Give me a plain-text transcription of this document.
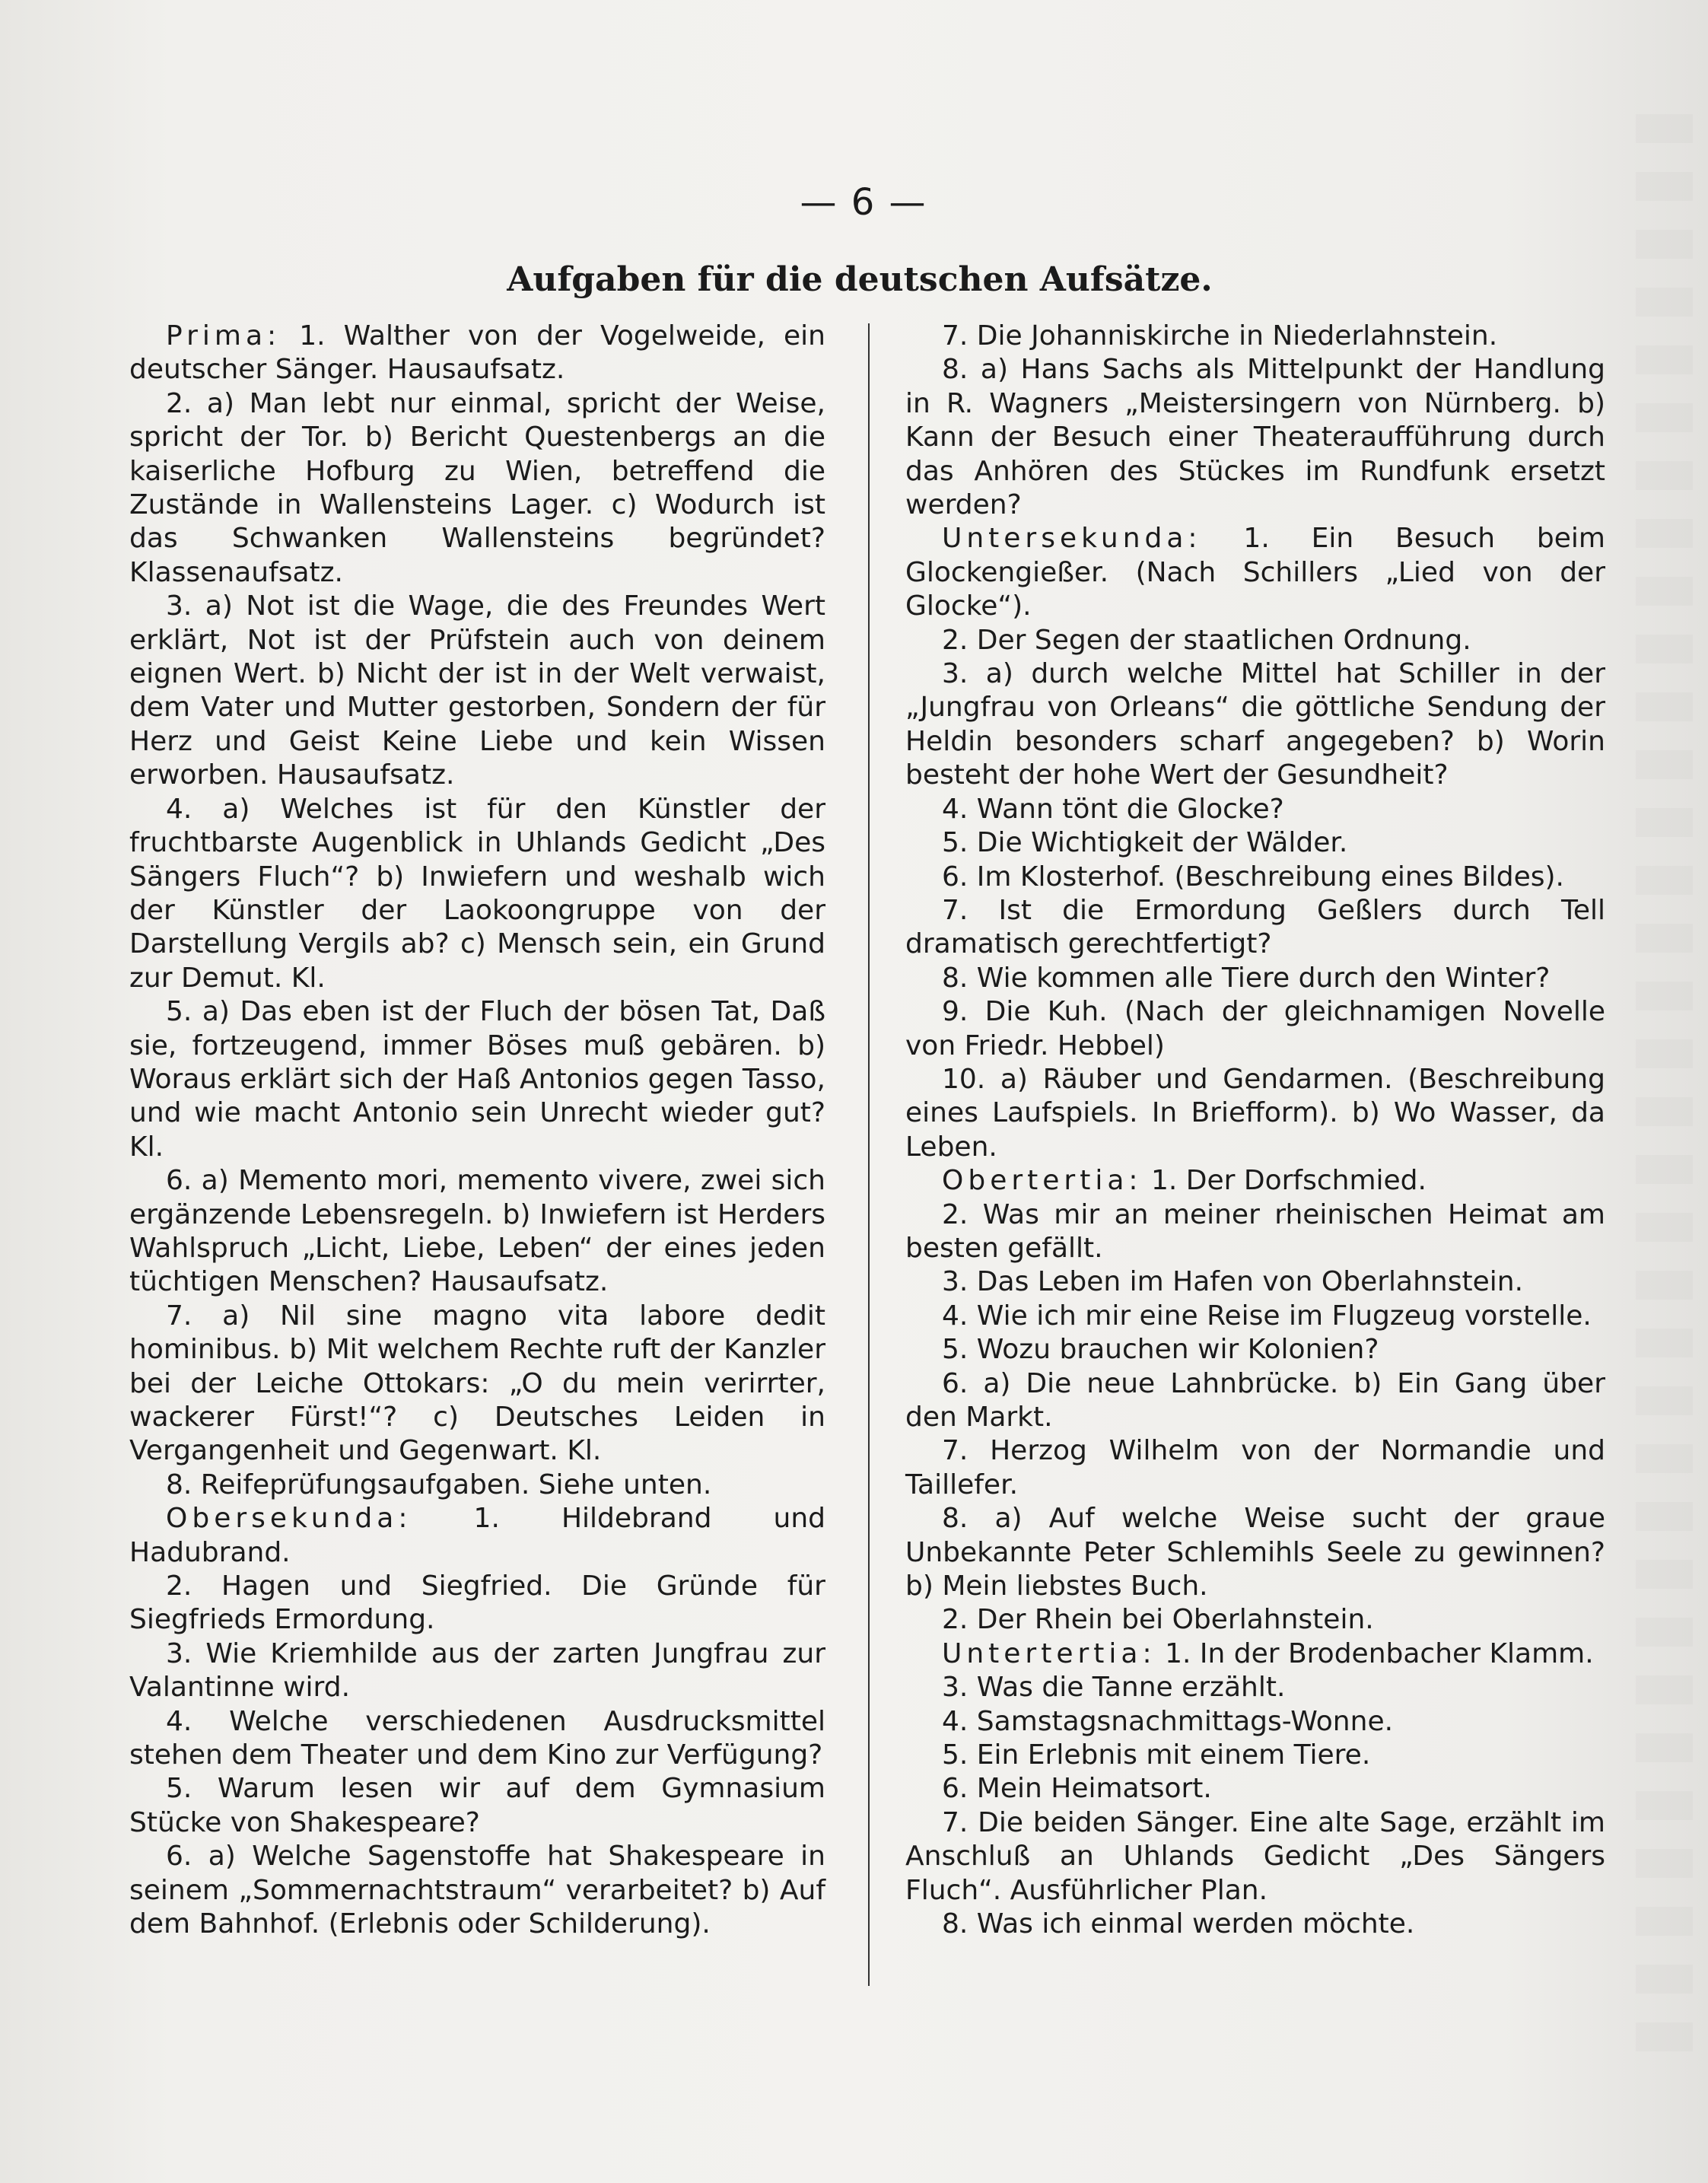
— 6 —
Aufgaben für die deutschen Aufsätze.

Prima: 1. Walther von der Vogelweide, ein deutscher Sänger. Hausaufsatz.

2. a) Man lebt nur einmal, spricht der Weise, spricht der Tor. b) Bericht Questenbergs an die kaiserliche Hofburg zu Wien, betreffend die Zustände in Wallensteins Lager. c) Wodurch ist das Schwanken Wallensteins begründet? Klassenaufsatz.

3. a) Not ist die Wage, die des Freundes Wert erklärt, Not ist der Prüfstein auch von deinem eignen Wert. b) Nicht der ist in der Welt verwaist, dem Vater und Mutter gestorben, Sondern der für Herz und Geist Keine Liebe und kein Wissen erworben. Hausaufsatz.

4. a) Welches ist für den Künstler der fruchtbarste Augenblick in Uhlands Gedicht „Des Sängers Fluch“? b) Inwiefern und weshalb wich der Künstler der Laokoongruppe von der Darstellung Vergils ab? c) Mensch sein, ein Grund zur Demut. Kl.

5. a) Das eben ist der Fluch der bösen Tat, Daß sie, fortzeugend, immer Böses muß gebären. b) Woraus erklärt sich der Haß Antonios gegen Tasso, und wie macht Antonio sein Unrecht wieder gut? Kl.

6. a) Memento mori, memento vivere, zwei sich ergänzende Lebensregeln. b) Inwiefern ist Herders Wahlspruch „Licht, Liebe, Leben“ der eines jeden tüchtigen Menschen? Hausaufsatz.

7. a) Nil sine magno vita labore dedit hominibus. b) Mit welchem Rechte ruft der Kanzler bei der Leiche Ottokars: „O du mein verirrter, wackerer Fürst!“? c) Deutsches Leiden in Vergangenheit und Gegenwart. Kl.

8. Reifeprüfungsaufgaben. Siehe unten.

Obersekunda: 1. Hildebrand und Hadubrand.

2. Hagen und Siegfried. Die Gründe für Siegfrieds Ermordung.

3. Wie Kriemhilde aus der zarten Jungfrau zur Valantinne wird.

4. Welche verschiedenen Ausdrucksmittel stehen dem Theater und dem Kino zur Verfügung?

5. Warum lesen wir auf dem Gymnasium Stücke von Shakespeare?

6. a) Welche Sagenstoffe hat Shakespeare in seinem „Sommernachtstraum“ verarbeitet? b) Auf dem Bahnhof. (Erlebnis oder Schilderung).

7. Die Johanniskirche in Niederlahnstein.

8. a) Hans Sachs als Mittelpunkt der Handlung in R. Wagners „Meistersingern von Nürnberg. b) Kann der Besuch einer Theateraufführung durch das Anhören des Stückes im Rundfunk ersetzt werden?

Untersekunda: 1. Ein Besuch beim Glockengießer. (Nach Schillers „Lied von der Glocke“).

2. Der Segen der staatlichen Ordnung.

3. a) durch welche Mittel hat Schiller in der „Jungfrau von Orleans“ die göttliche Sendung der Heldin besonders scharf angegeben? b) Worin besteht der hohe Wert der Gesundheit?

4. Wann tönt die Glocke?

5. Die Wichtigkeit der Wälder.

6. Im Klosterhof. (Beschreibung eines Bildes).

7. Ist die Ermordung Geßlers durch Tell dramatisch gerechtfertigt?

8. Wie kommen alle Tiere durch den Winter?

9. Die Kuh. (Nach der gleichnamigen Novelle von Friedr. Hebbel)

10. a) Räuber und Gendarmen. (Beschreibung eines Laufspiels. In Briefform). b) Wo Wasser, da Leben.

Obertertia: 1. Der Dorfschmied.

2. Was mir an meiner rheinischen Heimat am besten gefällt.

3. Das Leben im Hafen von Oberlahnstein.

4. Wie ich mir eine Reise im Flugzeug vorstelle.

5. Wozu brauchen wir Kolonien?

6. a) Die neue Lahnbrücke. b) Ein Gang über den Markt.

7. Herzog Wilhelm von der Normandie und Taillefer.

8. a) Auf welche Weise sucht der graue Unbekannte Peter Schlemihls Seele zu gewinnen? b) Mein liebstes Buch.

2. Der Rhein bei Oberlahnstein.

Untertertia: 1. In der Brodenbacher Klamm.

3. Was die Tanne erzählt.

4. Samstagsnachmittags-Wonne.

5. Ein Erlebnis mit einem Tiere.

6. Mein Heimatsort.

7. Die beiden Sänger. Eine alte Sage, erzählt im Anschluß an Uhlands Gedicht „Des Sängers Fluch“. Ausführlicher Plan.

8. Was ich einmal werden möchte.
